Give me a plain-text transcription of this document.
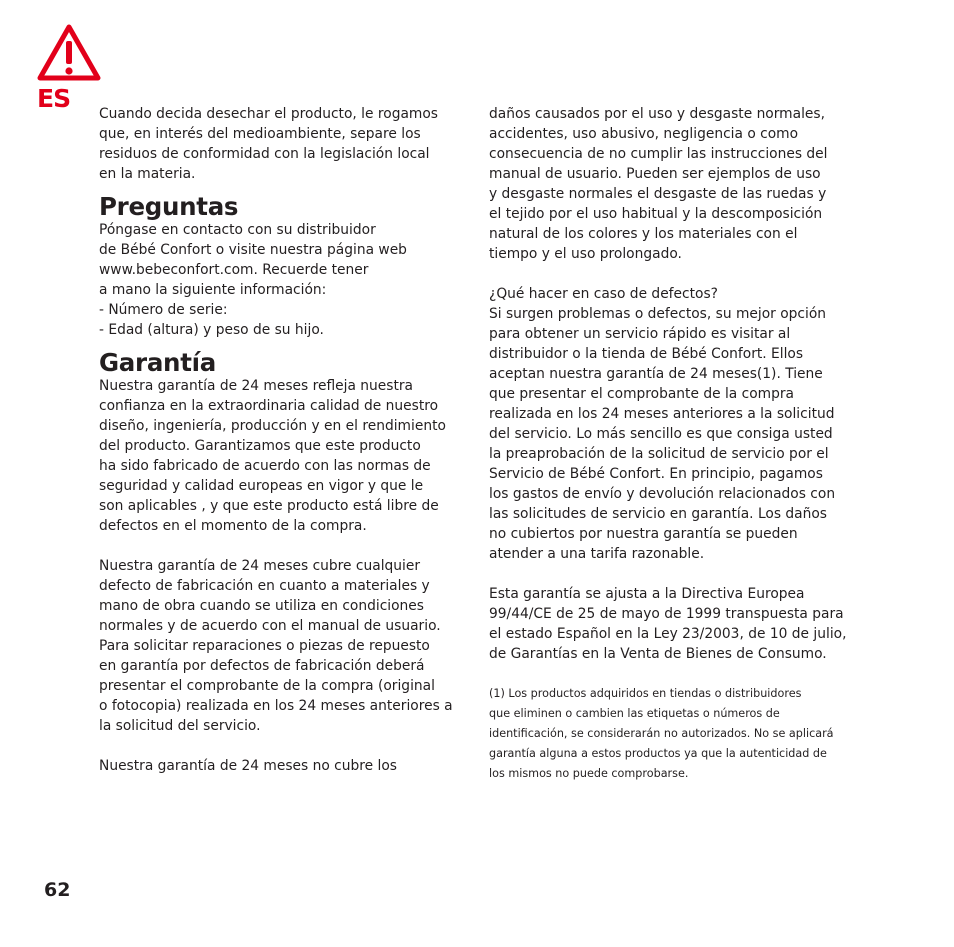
ES

Cuando decida desechar el producto, le rogamos
que, en interés del medioambiente, separe los
residuos de conformidad con la legislación local
en la materia.

Preguntas

Póngase en contacto con su distribuidor
de Bébé Confort o visite nuestra página web
www.bebeconfort.com. Recuerde tener
a mano la siguiente información:
- Número de serie:
- Edad (altura) y peso de su hijo.

Garantía

Nuestra garantía de 24 meses refleja nuestra
confianza en la extraordinaria calidad de nuestro
diseño, ingeniería, producción y en el rendimiento
del producto. Garantizamos que este producto
ha sido fabricado de acuerdo con las normas de
seguridad y calidad europeas en vigor y que le
son aplicables , y que este producto está libre de
defectos en el momento de la compra.

Nuestra garantía de 24 meses cubre cualquier
defecto de fabricación en cuanto a materiales y
mano de obra cuando se utiliza en condiciones
normales y de acuerdo con el manual de usuario.
Para solicitar reparaciones o piezas de repuesto
en garantía por defectos de fabricación deberá
presentar el comprobante de la compra (original
o fotocopia) realizada en los 24 meses anteriores a
la solicitud del servicio.

Nuestra garantía de 24 meses no cubre los

daños causados por el uso y desgaste normales,
accidentes, uso abusivo, negligencia o como
consecuencia de no cumplir las instrucciones del
manual de usuario. Pueden ser ejemplos de uso
y desgaste normales el desgaste de las ruedas y
el tejido por el uso habitual y la descomposición
natural de los colores y los materiales con el
tiempo y el uso prolongado.

¿Qué hacer en caso de defectos?
Si surgen problemas o defectos, su mejor opción
para obtener un servicio rápido es visitar al
distribuidor o la tienda de Bébé Confort. Ellos
aceptan nuestra garantía de 24 meses(1). Tiene
que presentar el comprobante de la compra
realizada en los 24 meses anteriores a la solicitud
del servicio. Lo más sencillo es que consiga usted
la preaprobación de la solicitud de servicio por el
Servicio de Bébé Confort. En principio, pagamos
los gastos de envío y devolución relacionados con
las solicitudes de servicio en garantía. Los daños
no cubiertos por nuestra garantía se pueden
atender a una tarifa razonable.

Esta garantía se ajusta a la Directiva Europea
99/44/CE de 25 de mayo de 1999 transpuesta para
el estado Español en la Ley 23/2003, de 10 de julio,
de Garantías en la Venta de Bienes de Consumo.

(1) Los productos adquiridos en tiendas o distribuidores
que eliminen o cambien las etiquetas o números de
identificación, se considerarán no autorizados. No se aplicará
garantía alguna a estos productos ya que la autenticidad de
los mismos no puede comprobarse.

62
